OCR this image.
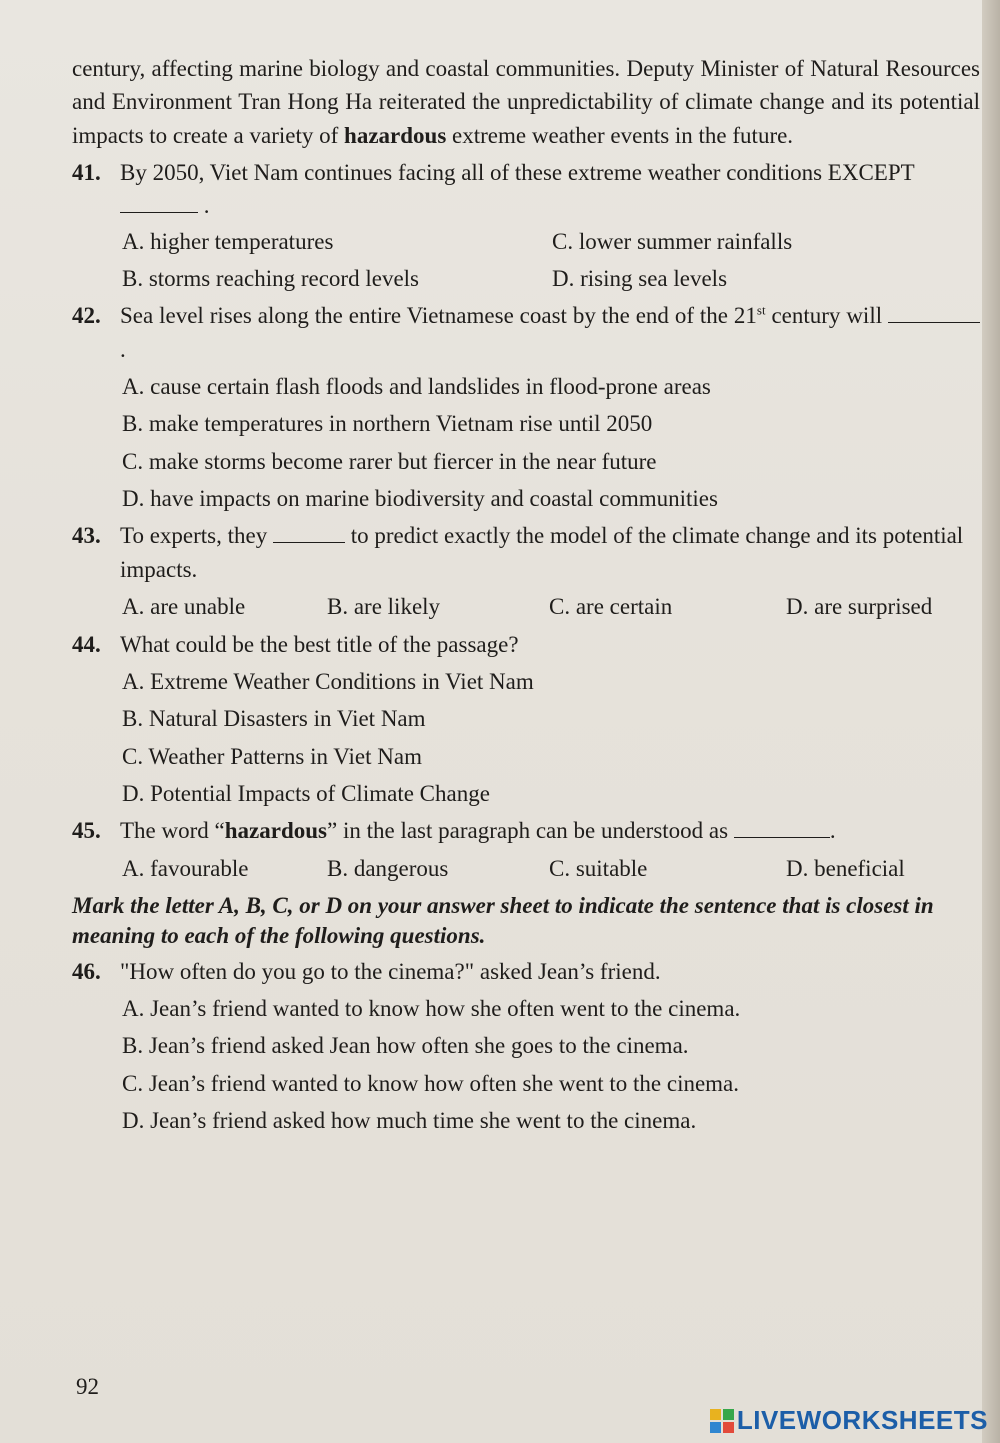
century, affecting marine biology and coastal communities. Deputy Minister of Natural Resources and Environment Tran Hong Ha reiterated the unpredictability of climate change and its potential impacts to create a variety of hazardous extreme weather events in the future.

41. By 2050, Viet Nam continues facing all of these extreme weather conditions EXCEPT  .
A. higher temperatures	C. lower summer rainfalls
B. storms reaching record levels	D. rising sea levels
42. Sea level rises along the entire Vietnamese coast by the end of the 21st century will .
A. cause certain flash floods and landslides in flood-prone areas
B. make temperatures in northern Vietnam rise until 2050
C. make storms become rarer but fiercer in the near future
D. have impacts on marine biodiversity and coastal communities
43. To experts, they	to predict exactly the model of the climate change and its potential impacts.
A. are unable	B. are likely	C. are certain	D. are surprised
44. What could be the best title of the passage?
A. Extreme Weather Conditions in Viet Nam
B. Natural Disasters in Viet Nam
C. Weather Patterns in Viet Nam
D. Potential Impacts of Climate Change
45. The word “hazardous” in the last paragraph can be understood as	.
A. favourable	B. dangerous	C. suitable	D. beneficial

Mark the letter A, B, C, or D on your answer sheet to indicate the sentence that is closest in meaning to each of the following questions.

46. "How often do you go to the cinema?" asked Jean’s friend.
A. Jean’s friend wanted to know how she often went to the cinema.
B. Jean’s friend asked Jean how often she goes to the cinema.
C. Jean’s friend wanted to know how often she went to the cinema.
D. Jean’s friend asked how much time she went to the cinema.
92
LIVEWORKSHEETS
